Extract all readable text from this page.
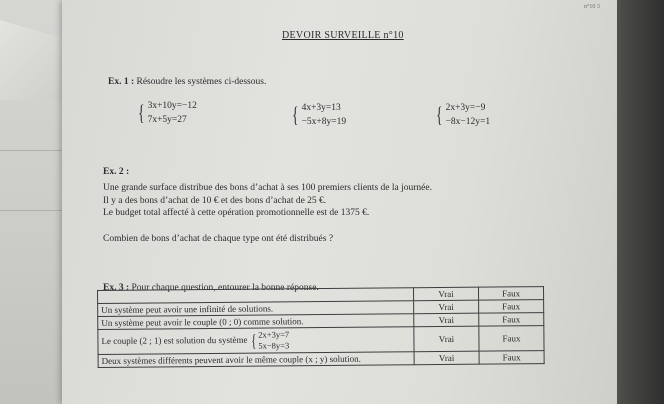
n°10 3
DEVOIR SURVEILLE n°10
Ex. 1 : Résoudre les systèmes ci-dessous.
{ 3x+10y=−12
7x+5y=27	{ 4x+3y=13
−5x+8y=19	{ 2x+3y=−9
−8x−12y=1
Ex. 2 :
Une grande surface distribue des bons d’achat à ses 100 premiers clients de la journée.
Il y a des bons d’achat de 10 € et des bons d’achat de 25 €.
Le budget total affecté à cette opération promotionnelle est de 1375 €.
Combien de bons d’achat de chaque type ont été distribués ?
Ex. 3 : Pour chaque question, entourer la bonne réponse.
	Vrai	Faux
Un système peut avoir une infinité de solutions.	Vrai	Faux
Un système peut avoir le couple (0 ; 0) comme solution.	Vrai	Faux
Le couple (2 ; 1) est solution du système { 2x+3y=7
5x−8y=3	Vrai	Faux
Deux systèmes différents peuvent avoir le même couple (x ; y) solution.	Vrai	Faux
